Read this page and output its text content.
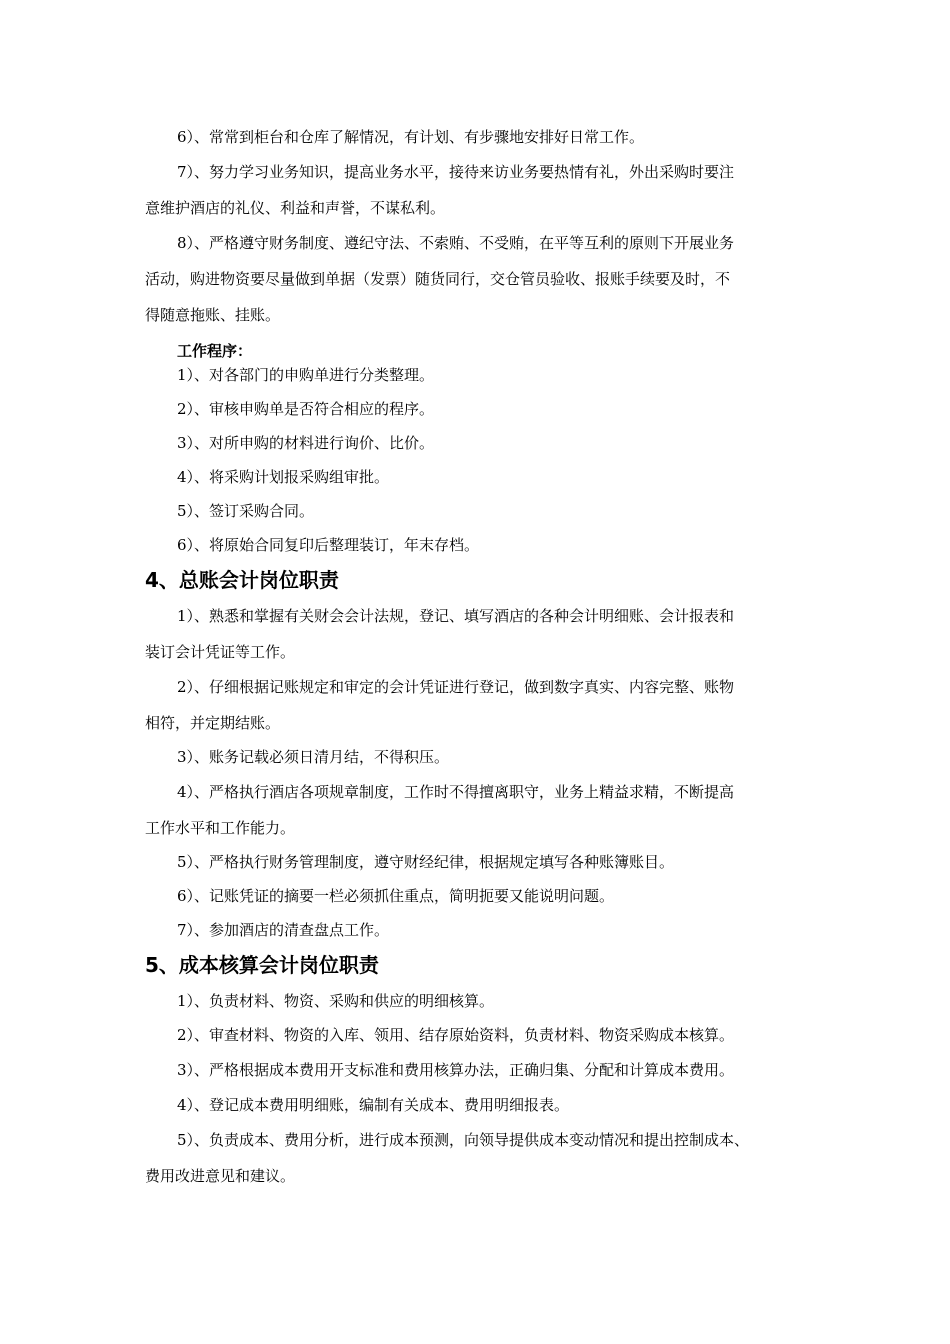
6）、常常到柜台和仓库了解情况，有计划、有步骤地安排好日常工作。
7）、努力学习业务知识，提高业务水平，接待来访业务要热情有礼，外出采购时要注
意维护酒店的礼仪、利益和声誉，不谋私利。
8）、严格遵守财务制度、遵纪守法、不索贿、不受贿，在平等互利的原则下开展业务
活动，购进物资要尽量做到单据（发票）随货同行，交仓管员验收、报账手续要及时，不
得随意拖账、挂账。
工作程序：
1）、对各部门的申购单进行分类整理。
2）、审核申购单是否符合相应的程序。
3）、对所申购的材料进行询价、比价。
4）、将采购计划报采购组审批。
5）、签订采购合同。
6）、将原始合同复印后整理装订，年末存档。
4、总账会计岗位职责
1）、熟悉和掌握有关财会会计法规，登记、填写酒店的各种会计明细账、会计报表和
装订会计凭证等工作。
2）、仔细根据记账规定和审定的会计凭证进行登记，做到数字真实、内容完整、账物
相符，并定期结账。
3）、账务记载必须日清月结，不得积压。
4）、严格执行酒店各项规章制度，工作时不得擅离职守，业务上精益求精，不断提高
工作水平和工作能力。
5）、严格执行财务管理制度，遵守财经纪律，根据规定填写各种账簿账目。
6）、记账凭证的摘要一栏必须抓住重点，简明扼要又能说明问题。
7）、参加酒店的清查盘点工作。
5、成本核算会计岗位职责
1）、负责材料、物资、采购和供应的明细核算。
2）、审查材料、物资的入库、领用、结存原始资料，负责材料、物资采购成本核算。
3）、严格根据成本费用开支标准和费用核算办法，正确归集、分配和计算成本费用。
4）、登记成本费用明细账，编制有关成本、费用明细报表。
5）、负责成本、费用分析，进行成本预测，向领导提供成本变动情况和提出控制成本、
费用改进意见和建议。
